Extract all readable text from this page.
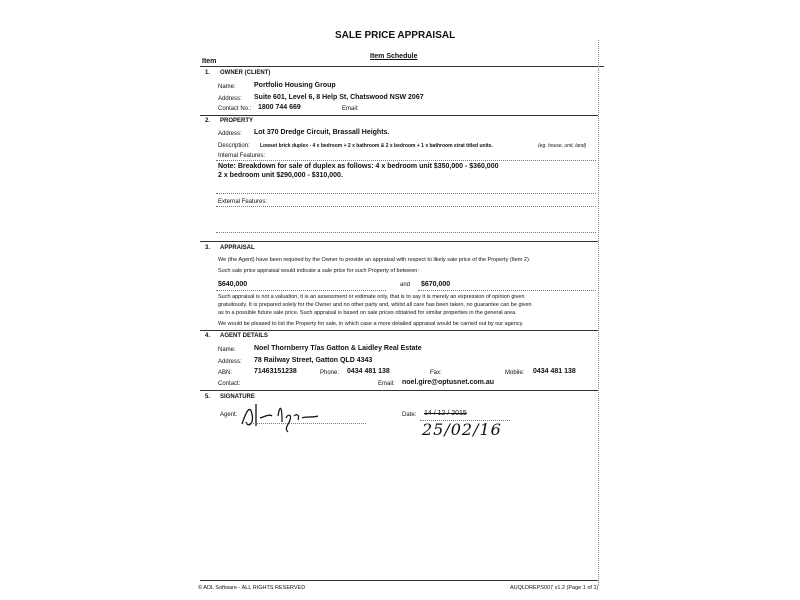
SALE PRICE APPRAISAL
Item Schedule
Item
1. OWNER (CLIENT)
Name:	Portfolio Housing Group
Address: Suite 601, Level 6, 8 Help St, Chatswood NSW 2067
Contact No.: 1800 744 669	Email:
2. PROPERTY
Address: Lot 370 Dredge Circuit, Brassall Heights.
Description: Lowset brick duplex - 4 x bedroom + 2 x bathroom & 2 x bedroom + 1 x bathroom strat titled units.	(eg. house, unit, land)
Internal Features:
Note: Breakdown for sale of duplex as follows: 4 x bedroom unit $350,000 - $360,000
2 x bedroom unit $290,000 - $310,000.
External Features:
3. APPRAISAL
We (the Agent) have been required by the Owner to provide an appraisal with respect to likely sale price of the Property (Item 2).
Such sale price appraisal would indicate a sale price for such Property of between:
$640,000	and $670,000
Such appraisal is not a valuation, it is an assessment or estimate only, that is to say it is merely an expression of opinion given
gratuitously. It is prepared solely for the Owner and no other party and, whilst all care has been taken, no guarantee can be given
as to a possible future sale price. Such appraisal is based on sale prices obtained for similar properties in the general area.
We would be pleased to list the Property for sale, in which case a more detailed appraisal would be carried out by our agency.
4. AGENT DETAILS
Name:	Noel Thornberry T/as Gatton & Laidley Real Estate
Address: 78 Railway Street, Gatton QLD 4343
ABN:	71463151238	Phone: 0434 481 138	Fax:	Mobile: 0434 481 138
Contact:	Email: noel.gire@optusnet.com.au
5. SIGNATURE
Agent:	Date: 14 / 12 / 2015
25/02/16
© ADL Software - ALL RIGHTS RESERVED	AUQLDREPS007 v1.2 (Page 1 of 1)
